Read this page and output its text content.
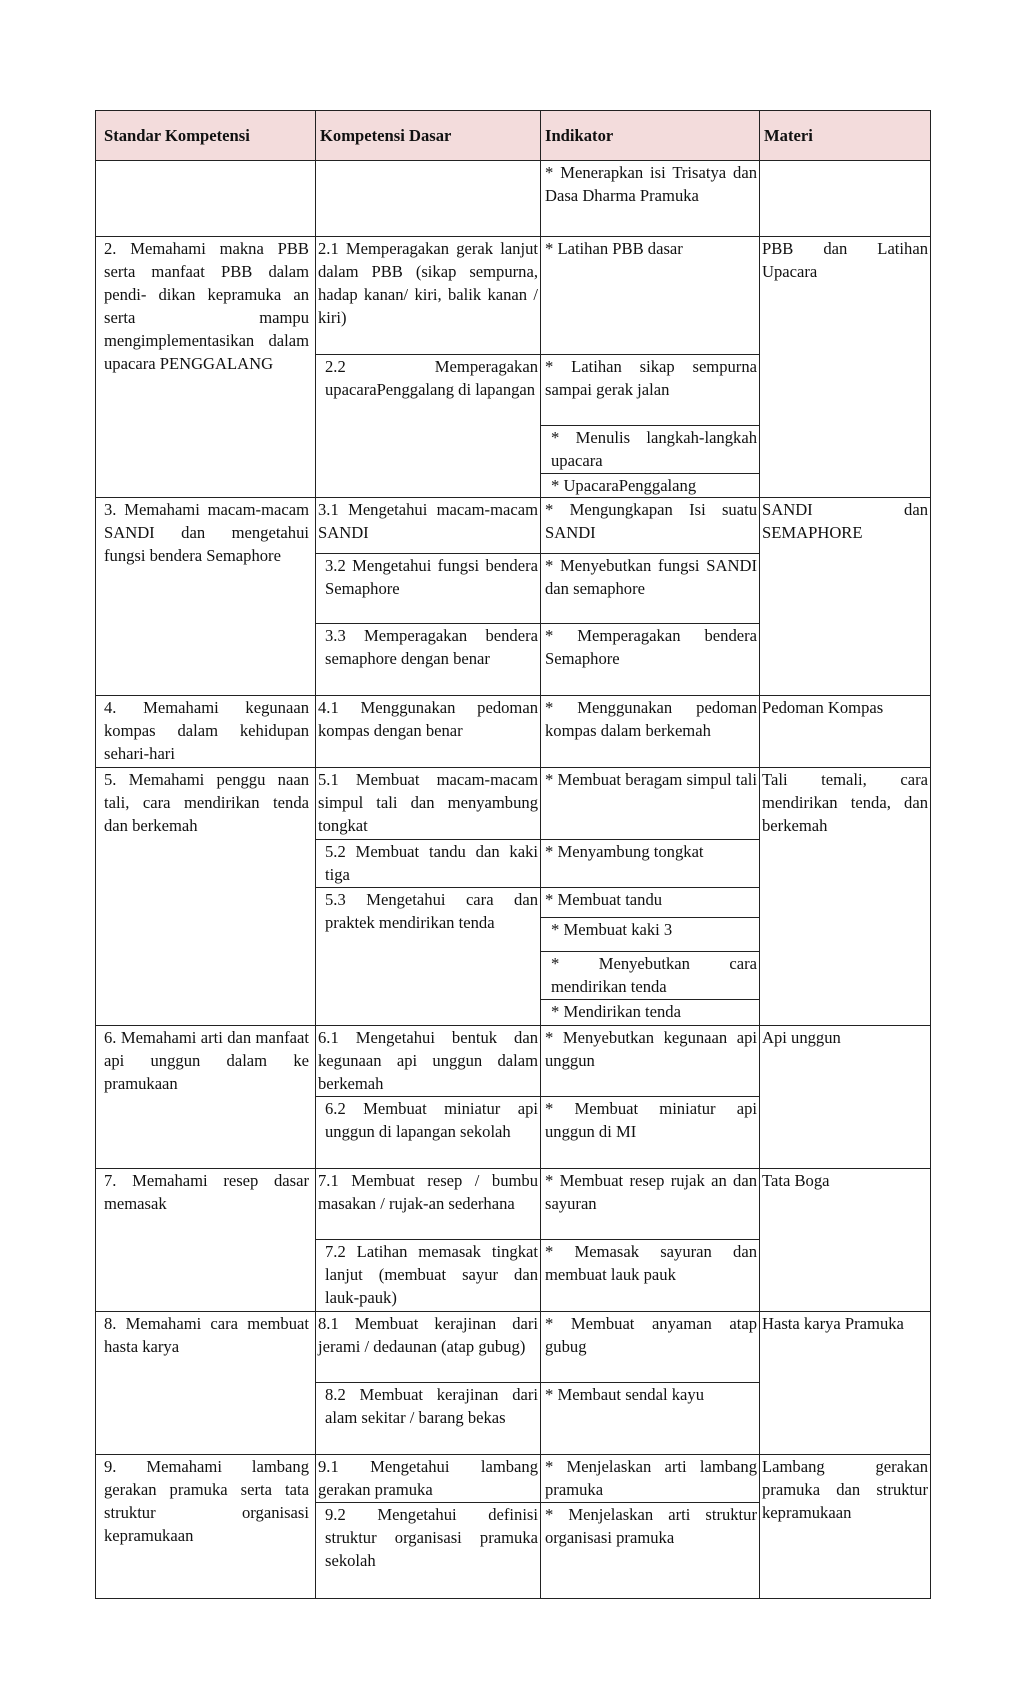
Standar Kompetensi	Kompetensi Dasar	Indikator	Materi
		* Menerapkan isi Trisatya dan Dasa Dharma Pramuka	
2. Memahami makna PBB serta manfaat PBB dalam pendi- dikan kepramuka an serta mampu mengimplementasikan dalam upacara PENGGALANG	2.1 Memperagakan gerak lanjut dalam PBB (sikap sempurna, hadap kanan/ kiri, balik kanan / kiri)	* Latihan PBB dasar	PBB dan Latihan Upacara
	2.2 Memperagakan upacaraPenggalang di lapangan	* Latihan sikap sempurna sampai gerak jalan	
		* Menulis langkah-langkah upacara	
		* UpacaraPenggalang	
3. Memahami macam-macam SANDI dan mengetahui fungsi bendera Semaphore	3.1 Mengetahui macam-macam SANDI	* Mengungkapan Isi suatu SANDI	SANDI dan SEMAPHORE
	3.2 Mengetahui fungsi bendera Semaphore	* Menyebutkan fungsi SANDI dan semaphore	
	3.3 Memperagakan bendera semaphore dengan benar	* Memperagakan bendera Semaphore	
4. Memahami kegunaan kompas dalam kehidupan sehari-hari	4.1 Menggunakan pedoman kompas dengan benar	* Menggunakan pedoman kompas dalam berkemah	Pedoman Kompas
5. Memahami penggu naan tali, cara mendirikan tenda dan berkemah	5.1 Membuat macam-macam simpul tali dan menyambung tongkat	* Membuat beragam simpul tali	Tali temali, cara mendirikan tenda, dan berkemah
	5.2 Membuat tandu dan kaki tiga	* Menyambung tongkat	
	5.3 Mengetahui cara dan praktek mendirikan tenda	* Membuat tandu	
		* Membuat kaki 3	
		* Menyebutkan cara mendirikan tenda	
		* Mendirikan tenda	
6. Memahami arti dan manfaat api unggun dalam ke pramukaan	6.1 Mengetahui bentuk dan kegunaan api unggun dalam berkemah	* Menyebutkan kegunaan api unggun	Api unggun
	6.2 Membuat miniatur api unggun di lapangan sekolah	* Membuat miniatur api unggun di MI	
7. Memahami resep dasar memasak	7.1 Membuat resep / bumbu masakan / rujak-an sederhana	* Membuat resep rujak an dan sayuran	Tata Boga
	7.2 Latihan memasak tingkat lanjut (membuat sayur dan lauk-pauk)	* Memasak sayuran dan membuat lauk pauk	
8. Memahami cara membuat hasta karya	8.1 Membuat kerajinan dari jerami / dedaunan (atap gubug)	* Membuat anyaman atap gubug	Hasta karya Pramuka
	8.2 Membuat kerajinan dari alam sekitar / barang bekas	* Membaut sendal kayu	
9. Memahami lambang gerakan pramuka serta tata struktur organisasi kepramukaan	9.1 Mengetahui lambang gerakan pramuka	* Menjelaskan arti lambang pramuka	Lambang gerakan pramuka dan struktur kepramukaan
	9.2 Mengetahui definisi struktur organisasi pramuka sekolah	* Menjelaskan arti struktur organisasi pramuka	
